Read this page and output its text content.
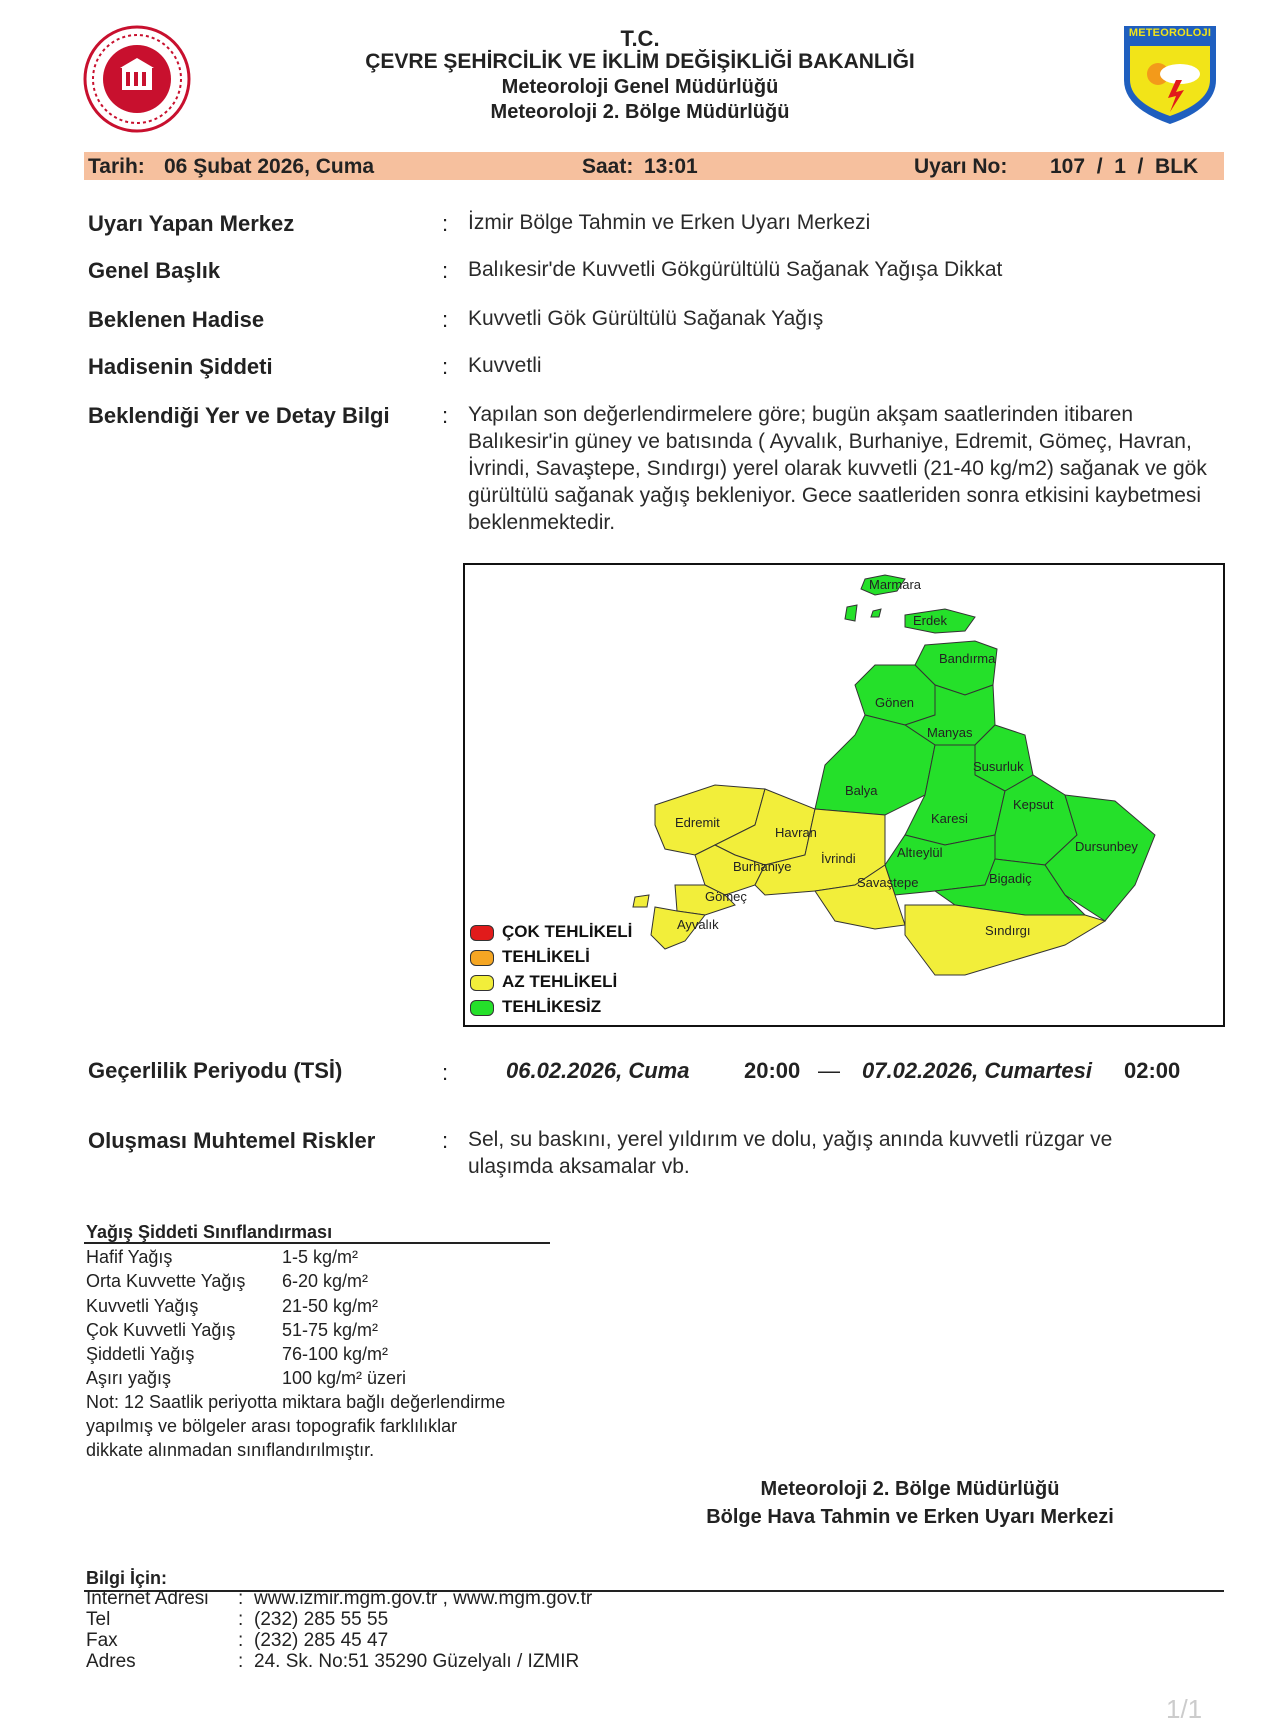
T.C.
ÇEVRE ŞEHİRCİLİK VE İKLİM DEĞİŞİKLİĞİ BAKANLIĞI
Meteoroloji Genel Müdürlüğü
Meteoroloji 2. Bölge Müdürlüğü
METEOROLOJI
Tarih: 06 Şubat 2026, Cuma	Saat: 13:01	Uyarı No: 107  /  1  /  BLK
Uyarı Yapan Merkez	: İzmir Bölge Tahmin ve Erken Uyarı Merkezi
Genel Başlık	: Balıkesir'de Kuvvetli Gökgürültülü Sağanak Yağışa Dikkat
Beklenen Hadise	: Kuvvetli Gök Gürültülü Sağanak Yağış
Hadisenin Şiddeti	: Kuvvetli
Beklendiği Yer ve Detay Bilgi : Yapılan son değerlendirmelere göre; bugün akşam saatlerinden itibaren Balıkesir'in güney ve batısında ( Ayvalık, Burhaniye, Edremit, Gömeç, Havran, İvrindi, Savaştepe, Sındırgı) yerel olarak kuvvetli (21-40 kg/m2) sağanak ve gök gürültülü sağanak yağış bekleniyor. Gece saatleriden sonra etkisini kaybetmesi beklenmektedir.
Marmara
Erdek
Bandırma
Gönen
Manyas
Susurluk
Balya
Kepsut
Karesi
Dursunbey
Altıeylül
Bigadiç
Edremit
Havran
Burhaniye
İvrindi
Savaştepe
Gömeç
Ayvalık	Sındırgı
ÇOK TEHLİKELİ
TEHLİKELİ
AZ TEHLİKELİ
TEHLİKESİZ
Geçerlilik Periyodu (TSİ)	:	06.02.2026, Cuma 20:00 — 07.02.2026, Cumartesi 02:00
Oluşması Muhtemel Riskler	: Sel, su baskını, yerel yıldırım ve dolu, yağış anında kuvvetli rüzgar ve ulaşımda aksamalar vb.
Yağış Şiddeti Sınıflandırması
Hafif Yağış	1-5 kg/m²
Orta Kuvvette Yağış 6-20 kg/m²
Kuvvetli Yağış	21-50 kg/m²
Çok Kuvvetli Yağış	51-75 kg/m²
Şiddetli Yağış	76-100 kg/m²
Aşırı yağış	100 kg/m² üzeri
Not: 12 Saatlik periyotta miktara bağlı değerlendirme
yapılmış ve bölgeler arası topografik farklılıklar
dikkate alınmadan sınıflandırılmıştır.
Meteoroloji 2. Bölge Müdürlüğü
Bölge Hava Tahmin ve Erken Uyarı Merkezi
Bilgi İçin:
Internet Adresi : www.izmir.mgm.gov.tr , www.mgm.gov.tr
Tel	: (232) 285 55 55
Fax	: (232) 285 45 47
Adres	: 24. Sk. No:51 35290 Güzelyalı / IZMIR
1/1
